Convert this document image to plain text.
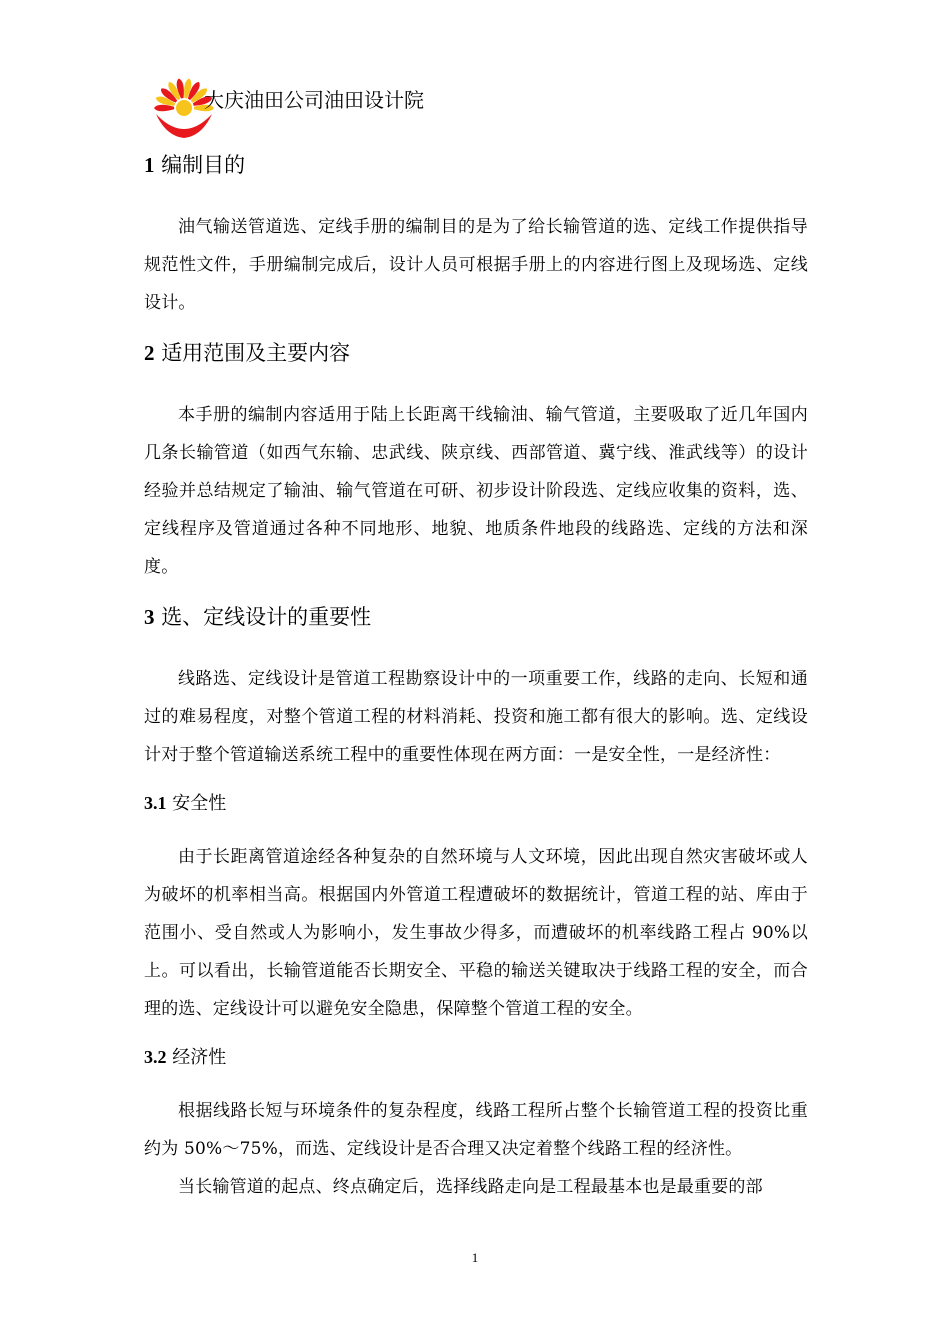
大庆油田公司油田设计院
1 编制目的

油气输送管道选、定线手册的编制目的是为了给长输管道的选、定线工作提供指导规范性文件，手册编制完成后，设计人员可根据手册上的内容进行图上及现场选、定线设计。

2 适用范围及主要内容

本手册的编制内容适用于陆上长距离干线输油、输气管道，主要吸取了近几年国内几条长输管道（如西气东输、忠武线、陕京线、西部管道、冀宁线、淮武线等）的设计经验并总结规定了输油、输气管道在可研、初步设计阶段选、定线应收集的资料，选、定线程序及管道通过各种不同地形、地貌、地质条件地段的线路选、定线的方法和深度。

3 选、定线设计的重要性

线路选、定线设计是管道工程勘察设计中的一项重要工作，线路的走向、长短和通过的难易程度，对整个管道工程的材料消耗、投资和施工都有很大的影响。选、定线设计对于整个管道输送系统工程中的重要性体现在两方面：一是安全性，一是经济性：

3.1 安全性

由于长距离管道途经各种复杂的自然环境与人文环境，因此出现自然灾害破坏或人为破坏的机率相当高。根据国内外管道工程遭破坏的数据统计，管道工程的站、库由于范围小、受自然或人为影响小，发生事故少得多，而遭破坏的机率线路工程占 90%以上。可以看出，长输管道能否长期安全、平稳的输送关键取决于线路工程的安全，而合理的选、定线设计可以避免安全隐患，保障整个管道工程的安全。

3.2 经济性

根据线路长短与环境条件的复杂程度，线路工程所占整个长输管道工程的投资比重约为 50%～75%，而选、定线设计是否合理又决定着整个线路工程的经济性。

当长输管道的起点、终点确定后，选择线路走向是工程最基本也是最重要的部

1
